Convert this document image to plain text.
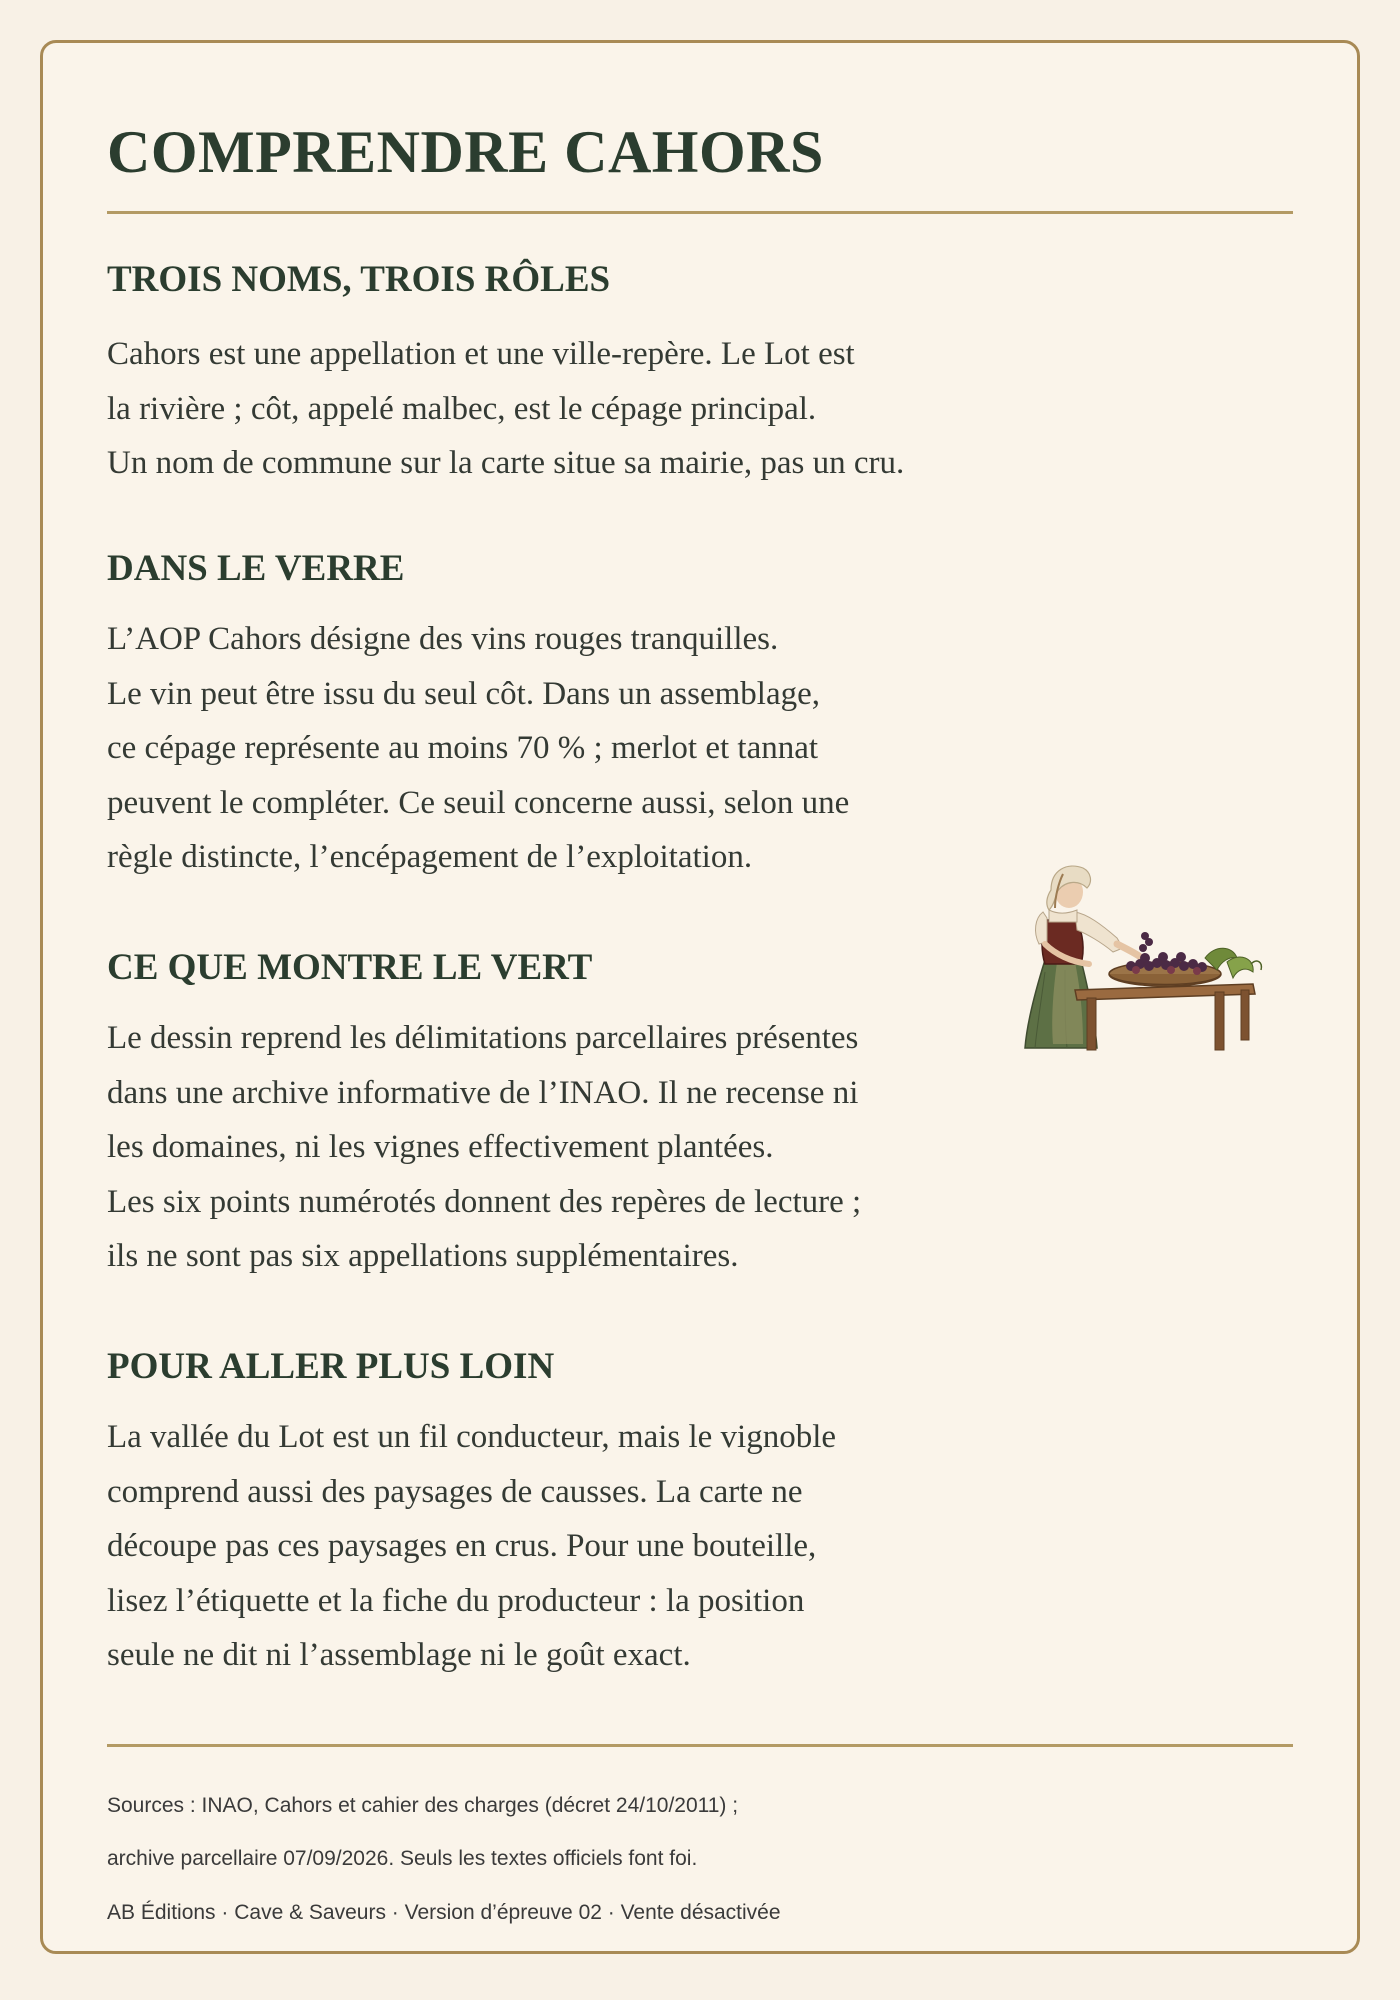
COMPRENDRE CAHORS
TROIS NOMS, TROIS RÔLES

Cahors est une appellation et une ville-repère. Le Lot est
la rivière ; côt, appelé malbec, est le cépage principal.
Un nom de commune sur la carte situe sa mairie, pas un cru.

DANS LE VERRE

L’AOP Cahors désigne des vins rouges tranquilles.
Le vin peut être issu du seul côt. Dans un assemblage,
ce cépage représente au moins 70 % ; merlot et tannat
peuvent le compléter. Ce seuil concerne aussi, selon une
règle distincte, l’encépagement de l’exploitation.

CE QUE MONTRE LE VERT

Le dessin reprend les délimitations parcellaires présentes
dans une archive informative de l’INAO. Il ne recense ni
les domaines, ni les vignes effectivement plantées.
Les six points numérotés donnent des repères de lecture ;
ils ne sont pas six appellations supplémentaires.

POUR ALLER PLUS LOIN

La vallée du Lot est un fil conducteur, mais le vignoble
comprend aussi des paysages de causses. La carte ne
découpe pas ces paysages en crus. Pour une bouteille,
lisez l’étiquette et la fiche du producteur : la position
seule ne dit ni l’assemblage ni le goût exact.

Sources : INAO, Cahors et cahier des charges (décret 24/10/2011) ;

archive parcellaire 07/09/2026. Seuls les textes officiels font foi.

AB Éditions · Cave & Saveurs · Version d’épreuve 02 · Vente désactivée
